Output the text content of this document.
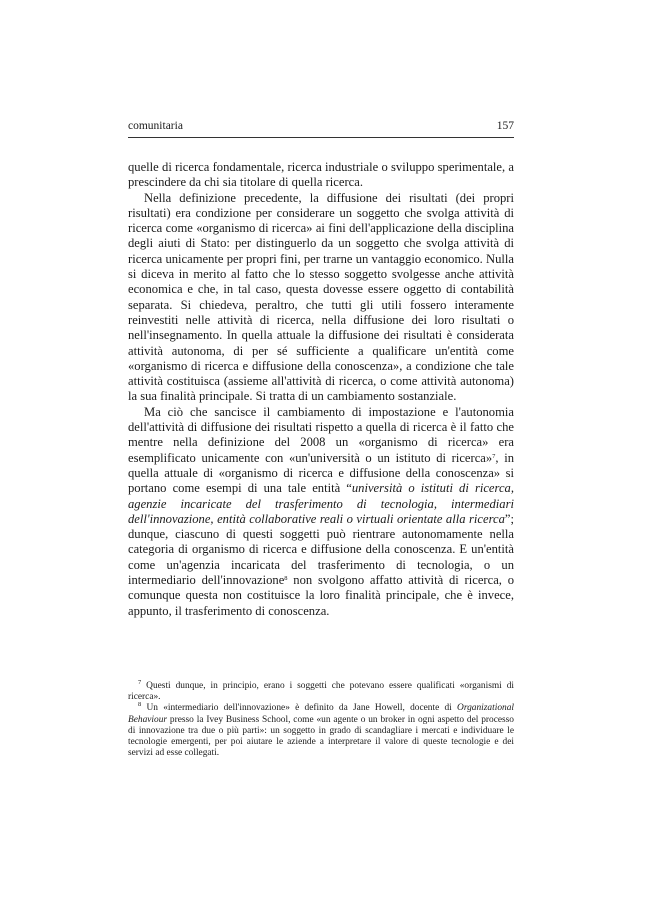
comunitaria	157

quelle di ricerca fondamentale, ricerca industriale o sviluppo sperimentale, a prescindere da chi sia titolare di quella ricerca.

Nella definizione precedente, la diffusione dei risultati (dei propri risultati) era condizione per considerare un soggetto che svolga attività di ricerca come «organismo di ricerca» ai fini dell'applicazione della disciplina degli aiuti di Stato: per distinguerlo da un soggetto che svolga attività di ricerca unicamente per propri fini, per trarne un vantaggio economico. Nulla si diceva in merito al fatto che lo stesso soggetto svolgesse anche attività economica e che, in tal caso, questa dovesse essere oggetto di contabilità separata. Si chiedeva, peraltro, che tutti gli utili fossero interamente reinvestiti nelle attività di ricerca, nella diffusione dei loro risultati o nell'insegnamento. In quella attuale la diffusione dei risultati è considerata attività autonoma, di per sé sufficiente a qualificare un'entità come «organismo di ricerca e diffusione della conoscenza», a condizione che tale attività costituisca (assieme all'attività di ricerca, o come attività autonoma) la sua finalità principale. Si tratta di un cambiamento sostanziale.

Ma ciò che sancisce il cambiamento di impostazione e l'autonomia dell'attività di diffusione dei risultati rispetto a quella di ricerca è il fatto che mentre nella definizione del 2008 un «organismo di ricerca» era esemplificato unicamente con «un'università o un istituto di ricerca»$^7$, in quella attuale di «organismo di ricerca e diffusione della conoscenza» si portano come esempi di una tale entità “università o istituti di ricerca, agenzie incaricate del trasferimento di tecnologia, intermediari dell'innovazione, entità collaborative reali o virtuali orientate alla ricerca”; dunque, ciascuno di questi soggetti può rientrare autonomamente nella categoria di organismo di ricerca e diffusione della conoscenza. E un'entità come un'agenzia incaricata del trasferimento di tecnologia, o un intermediario dell'innovazione$^8$ non svolgono affatto attività di ricerca, o comunque questa non costituisce la loro finalità principale, che è invece, appunto, il trasferimento di conoscenza.

$^7$ Questi dunque, in principio, erano i soggetti che potevano essere qualificati «organismi di ricerca».

$^8$ Un «intermediario dell'innovazione» è definito da Jane Howell, docente di Organizational Behaviour presso la Ivey Business School, come «un agente o un broker in ogni aspetto del processo di innovazione tra due o più parti»: un soggetto in grado di scandagliare i mercati e individuare le tecnologie emergenti, per poi aiutare le aziende a interpretare il valore di queste tecnologie e dei servizi ad esse collegati.
